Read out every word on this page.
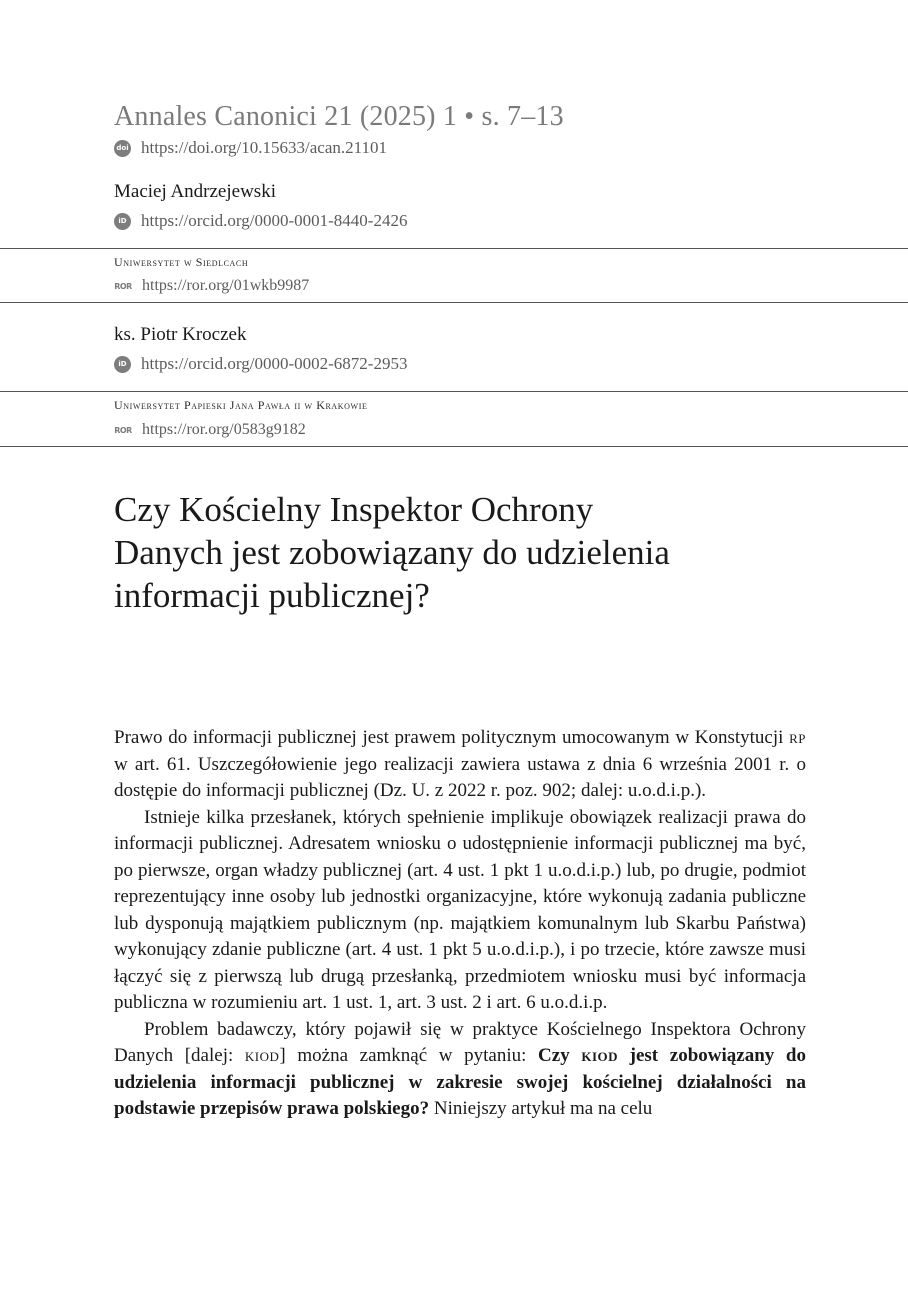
Annales Canonici 21 (2025) 1 • s. 7–13
doi https://doi.org/10.15633/acan.21101
Maciej Andrzejewski
iD https://orcid.org/0000-0001-8440-2426
Uniwersytet w Siedlcach
ROR https://ror.org/01wkb9987
ks. Piotr Kroczek
iD https://orcid.org/0000-0002-6872-2953
Uniwersytet Papieski Jana Pawła ii w Krakowie
ROR https://ror.org/0583g9182
Czy Kościelny Inspektor Ochrony
Danych jest zobowiązany do udzielenia
informacji publicznej?

Prawo do informacji publicznej jest prawem politycznym umocowanym w Konstytucji rp w art. 61. Uszczegółowienie jego realizacji zawiera ustawa z dnia 6 września 2001 r. o dostępie do informacji publicznej (Dz. U. z 2022 r. poz. 902; dalej: u.o.d.i.p.).

Istnieje kilka przesłanek, których spełnienie implikuje obowiązek realizacji prawa do informacji publicznej. Adresatem wniosku o udostępnienie informacji publicznej ma być, po pierwsze, organ władzy publicznej (art. 4 ust. 1 pkt 1 u.o.d.i.p.) lub, po drugie, podmiot reprezentujący inne osoby lub jednostki organizacyjne, które wykonują zadania publiczne lub dysponują majątkiem publicznym (np. majątkiem komunalnym lub Skarbu Państwa) wykonujący zdanie publiczne (art. 4 ust. 1 pkt 5 u.o.d.i.p.), i po trzecie, które zawsze musi łączyć się z pierwszą lub drugą przesłanką, przedmiotem wniosku musi być informacja publiczna w rozumieniu art. 1 ust. 1, art. 3 ust. 2 i art. 6 u.o.d.i.p.

Problem badawczy, który pojawił się w praktyce Kościelnego Inspektora Ochrony Danych [dalej: kiod] można zamknąć w pytaniu: Czy kiod jest zobowiązany do udzielenia informacji publicznej w zakresie swojej kościelnej działalności na podstawie przepisów prawa polskiego? Niniejszy artykuł ma na celu
